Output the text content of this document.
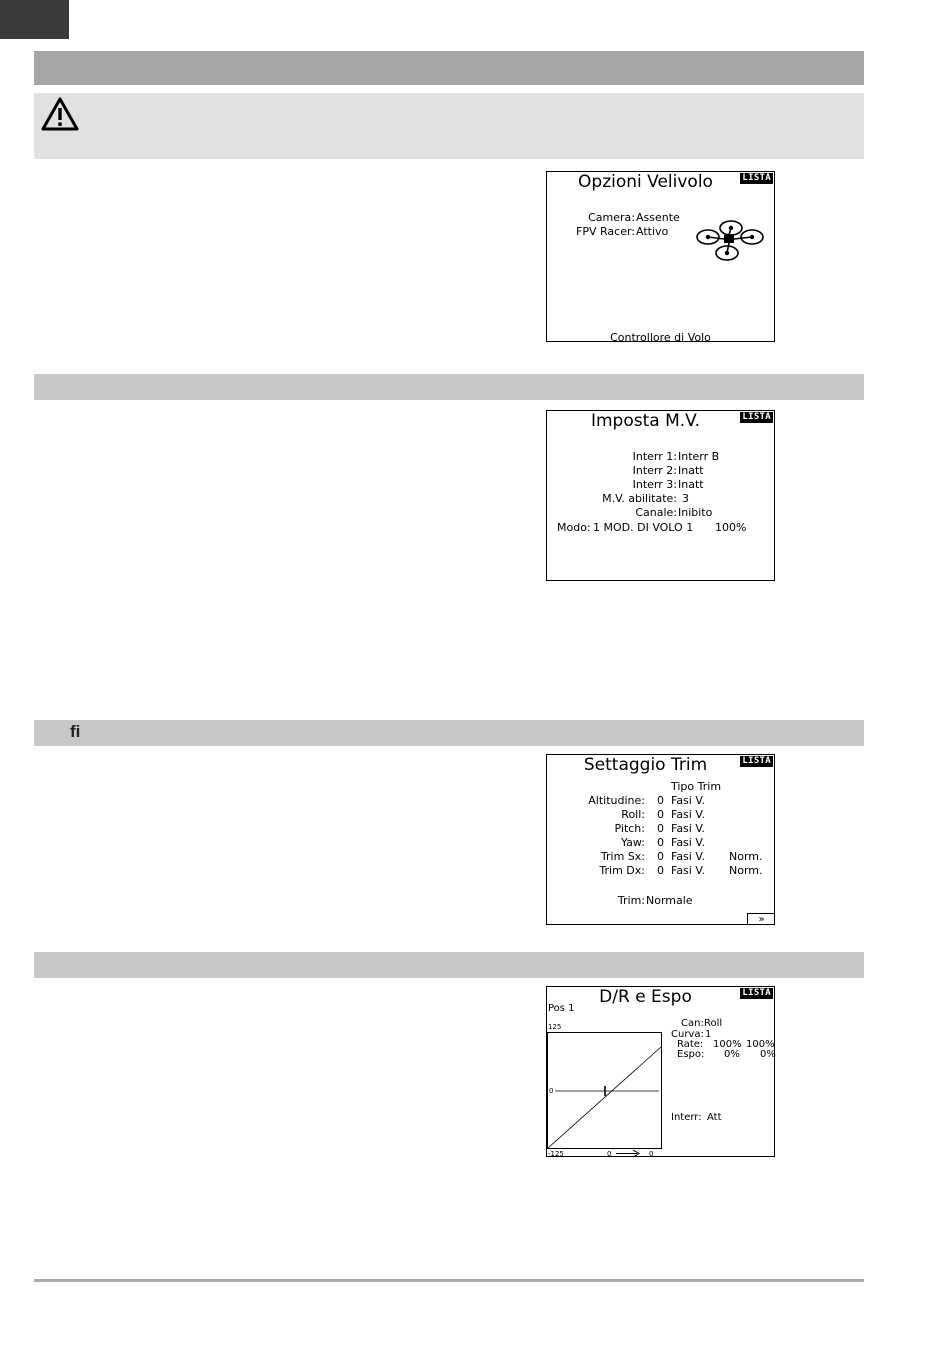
fi
Opzioni Velivolo	LISTA
Camera: Assente
FPV Racer: Attivo
Controllore di Volo
Imposta M.V.	LISTA
Interr 1: Interr B
Interr 2: Inatt
Interr 3: Inatt
M.V. abilitate: 3
Canale: Inibito
Modo: 1 MOD. DI VOLO 1 100%
Settaggio Trim	LISTA
Tipo Trim
Altitudine: 0 Fasi V.
Roll: 0 Fasi V.
Pitch: 0 Fasi V.
Yaw: 0 Fasi V.
Trim Sx: 0 Fasi V. Norm.
Trim Dx: 0 Fasi V. Norm.
Trim: Normale
»
D/R e Espo	LISTA
Pos 1
125
0
-125	0	0
Can: Roll
Curva: 1
Rate: 100% 100%
Espo: 0% 0%
Interr: Att
